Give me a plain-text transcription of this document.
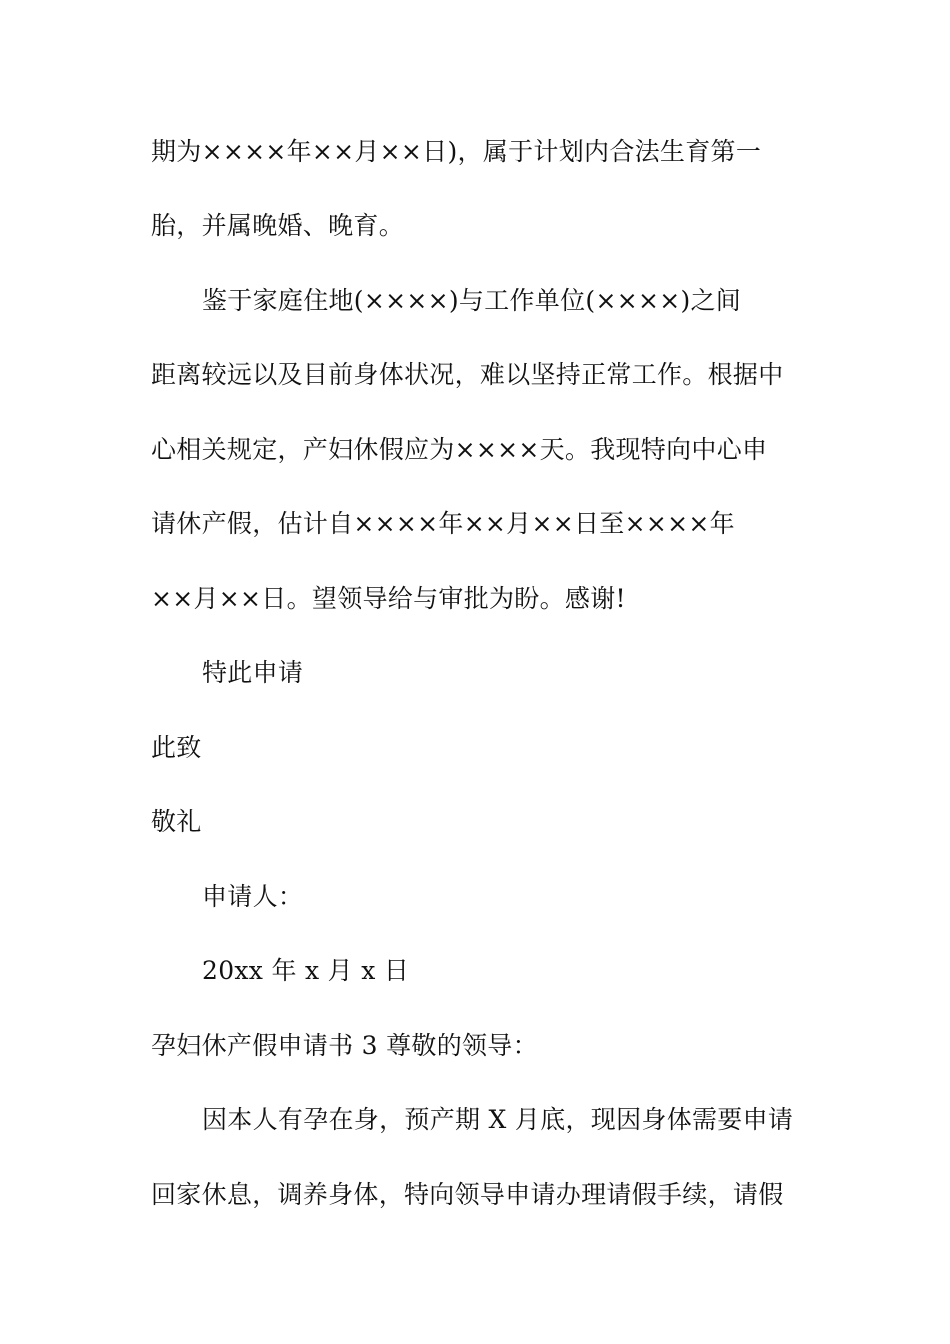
期为××××年××月××日)，属于计划内合法生育第一
胎，并属晚婚、晚育。
鉴于家庭住地(××××)与工作单位(××××)之间
距离较远以及目前身体状况，难以坚持正常工作。根据中
心相关规定，产妇休假应为××××天。我现特向中心申
请休产假，估计自××××年××月××日至××××年
××月××日。望领导给与审批为盼。感谢!
特此申请
此致
敬礼
申请人：
20xx 年 x 月 x 日
孕妇休产假申请书 3 尊敬的领导：
因本人有孕在身，预产期 X 月底，现因身体需要申请
回家休息，调养身体，特向领导申请办理请假手续，请假
